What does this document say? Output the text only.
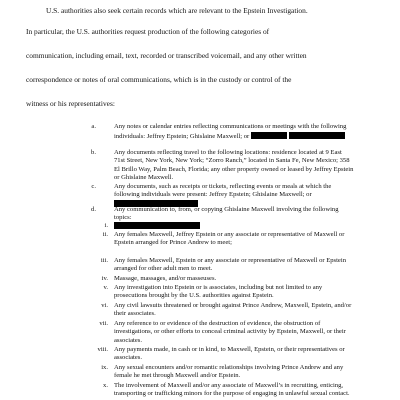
U.S. authorities also seek certain records which are relevant to the Epstein Investigation.
In particular, the U.S. authorities request production of the following categories of
communication, including email, text, recorded or transcribed voicemail, and any other written
correspondence or notes of oral communications, which is in the custody or control of the
witness or his representatives:
a.	Any notes or calendar entries reflecting communications or meetings with the following individuals: Jeffrey Epstein; Ghislaine Maxwell; or
b.	Any documents reflecting travel to the following locations: residence located at 9 East 71st Street, New York, New York; “Zorro Ranch,” located in Santa Fe, New Mexico; 358 El Brillo Way, Palm Beach, Florida; any other property owned or leased by Jeffrey Epstein or Ghislaine Maxwell.
c.	Any documents, such as receipts or tickets, reflecting events or meals at which the following individuals were present: Jeffrey Epstein; Ghislaine Maxwell; or
d.	Any communication to, from, or copying Ghislaine Maxwell involving the following topics:
i.
ii. Any females Maxwell, Jeffrey Epstein or any associate or representative of Maxwell or Epstein arranged for Prince Andrew to meet;
iii. Any females Maxwell, Epstein or any associate or representative of Maxwell or Epstein arranged for other adult men to meet.
iv. Massage, massages, and/or masseuses.
v. Any investigation into Epstein or is associates, including but not limited to any prosecutions brought by the U.S. authorities against Epstein.
vi. Any civil lawsuits threatened or brought against Prince Andrew, Maxwell, Epstein, and/or their associates.
vii. Any reference to or evidence of the destruction of evidence, the obstruction of investigations, or other efforts to conceal criminal activity by Epstein, Maxwell, or their associates.
viii. Any payments made, in cash or in kind, to Maxwell, Epstein, or their representatives or associates.
ix. Any sexual encounters and/or romantic relationships involving Prince Andrew and any female he met through Maxwell and/or Epstein.
x. The involvement of Maxwell and/or any associate of Maxwell’s in recruiting, enticing, transporting or trafficking minors for the purpose of engaging in unlawful sexual contact.
